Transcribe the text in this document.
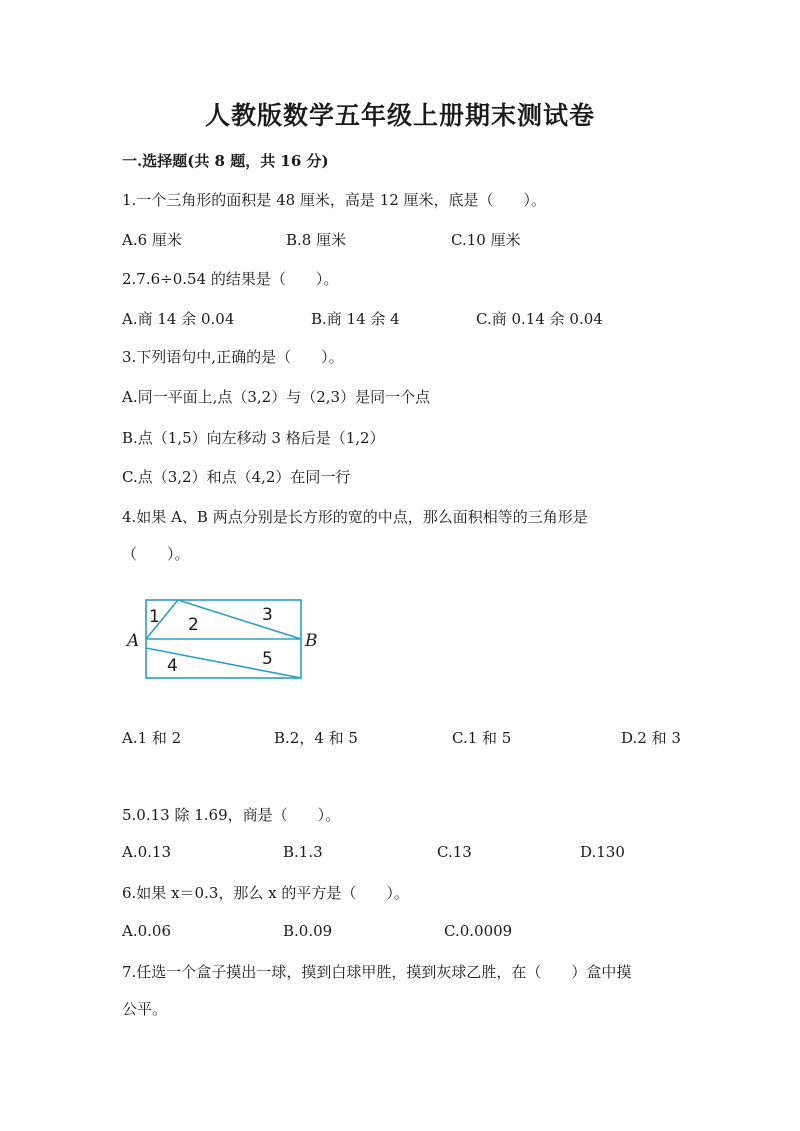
人教版数学五年级上册期末测试卷
一.选择题(共 8 题，共 16 分)
1.一个三角形的面积是 48 厘米，高是 12 厘米，底是（　　）。
A.6 厘米	B.8 厘米	C.10 厘米
2.7.6÷0.54 的结果是（　　）。
A.商 14 余 0.04	B.商 14 余 4	C.商 0.14 余 0.04
3.下列语句中,正确的是（　　）。
A.同一平面上,点（3,2）与（2,3）是同一个点
B.点（1,5）向左移动 3 格后是（1,2）
C.点（3,2）和点（4,2）在同一行
4.如果 A、B 两点分别是长方形的宽的中点，那么面积相等的三角形是
（　　）。
A	B
1 2	3
4	5
A.1 和 2	B.2，4 和 5	C.1 和 5	D.2 和 3
5.0.13 除 1.69，商是（　　）。
A.0.13	B.1.3	C.13	D.130
6.如果 x＝0.3，那么 x 的平方是（　　）。
A.0.06	B.0.09	C.0.0009
7.任选一个盒子摸出一球，摸到白球甲胜，摸到灰球乙胜，在（　　）盒中摸
公平。
